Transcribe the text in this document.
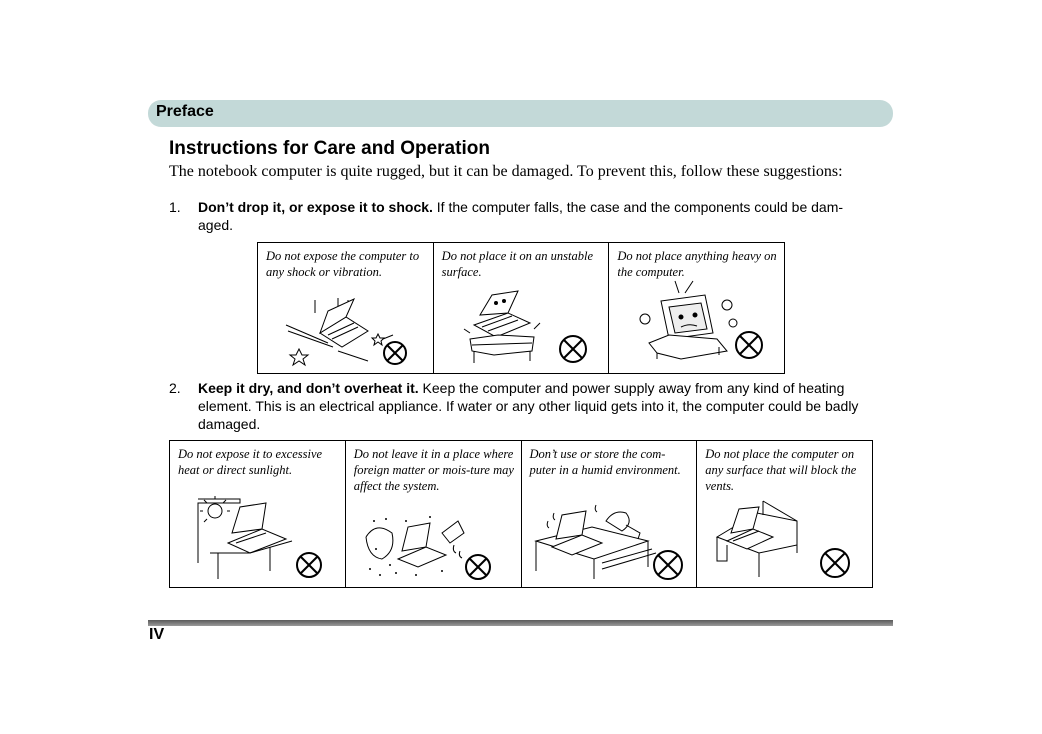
Preface
Instructions for Care and Operation
The notebook computer is quite rugged, but it can be damaged. To prevent this, follow these suggestions:
1. Don’t drop it, or expose it to shock. If the computer falls, the case and the components could be dam-aged.
Do not expose the computer to any shock or vibration.
Do not place it on an unstable surface.
Do not place anything heavy on the computer.
2. Keep it dry, and don’t overheat it. Keep the computer and power supply away from any kind of heating element. This is an electrical appliance. If water or any other liquid gets into it, the computer could be badly damaged.
Do not expose it to excessive heat or direct sunlight.
Do not leave it in a place where foreign matter or mois-ture may affect the system.
Don’t use or store the com-puter in a humid environment.
Do not place the computer on any surface that will block the vents.
IV
